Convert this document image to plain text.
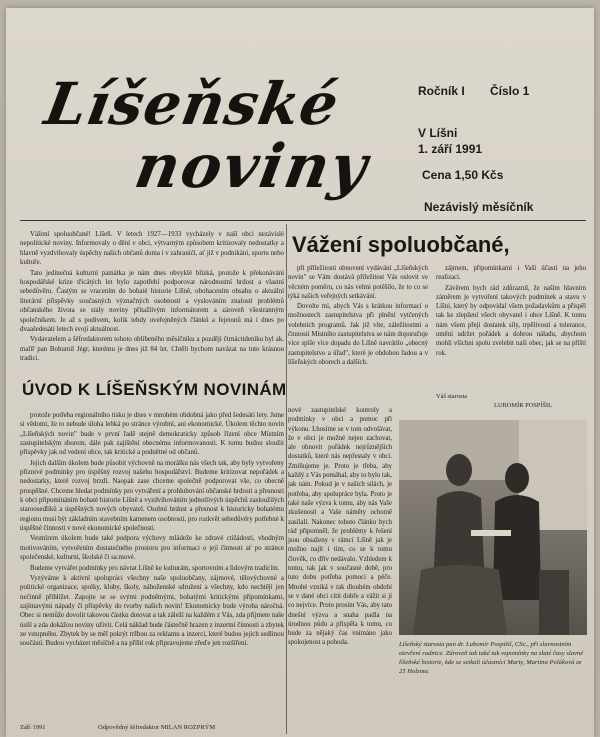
Líšeňské
noviny
Ročník I Číslo 1
V Líšni
1. září 1991
Cena 1,50 Kčs
Nezávislý měsíčník

Vážení spoluobčané! Líšeň. V letech 1927—1933 vycházely v naší obci nezávislé nepolitické noviny. Informovaly o dění v obci, výtvarným způsobem kritizovaly nedostatky a hlavně vyzdvihovaly úspěchy našich občanů doma i v zahraničí, ať již v podnikání, sportu nebo kultuře.

Tato jedinečná kulturní památka je nám dnes obvyklé blízká, protože k překonávání hospodářské krize třicátých let bylo zapotřebí podporovat národnostní hrdost a vlastní sebedůvěru. Častým se vracením do bohaté historie Líšně, obohacením obsahu o aktuální literární příspěvky současných význačných osobností a vyslováním znalostí problémů občanského života se staly noviny přitažlivým informátorem a zároveň všestranným společníkem. Je až s podivem, kolik tehdy uveřejněných článků a fejetonů má i dnes po dvaašedesáti letech svoji aktuálnost.

Vydavatelem a šéfredaktorem tohoto oblíbeného měsíčníku a později čtrnáctideníku byl ak. malíř pan Bohumil Jégr, kterému je dnes již 84 let. Chtěli bychom navázat na tuto krásnou tradici.

ÚVOD K LÍŠEŇSKÝM NOVINÁM

protože potřeba regionálního tisku je dnes v mnohém obdobná jako před šedesáti lety. Jsme si vědomi, že to nebude úloha lehká po stránce výrobní, ani ekonomické. Úkolem těchto novin „Líšeňských novin" bude v první řadě stejně demokraticky způsob řízení obce Místním zastupitelským sborem, dále pak zajištění obecnému informovanosti. K tomu budou sloužit příspěvky jak od vedení obce, tak kritické a podnětné od občanů.

Jejich dalším úkolem bude působit výchovně na morálku nás všech tak, aby byly vytvořeny příznivé podmínky pro úspěšný rozvoj našeho hospodářství. Budeme kritizovat nepořádek a nedostatky, které rozvoj brzdí. Naopak zase chceme společně podporovat vše, co obecně prospěšné. Chceme hledat podmínky pro vytváření a prohlubování občanské hrdosti a přesnosti k obci připomínáním bohaté historie Líšně a vyzdvihováním jednotlivých úspěchů zasloužilých staroosedlíků a úspěšných nových obyvatel. Osobní hrdost a přesnost k historicky bohatému regionu musí být základním stavebním kamenem osobnosti, pro rozkvět sebedůvěry potřebné k úspěšné činnosti v nové ekonomické společnosti.

Vesmírem úkolem bude také podpora výchovy mládeže ke zdravé ctižádosti, vhodným motivováním, vytvořením dostatečného prostoru pro informaci o její činnosti ať po stránce společenské, kulturní, školské či sa.mové.

Budeme vytvářet podmínky pro návrat Líšně ke kulturám, sportovním a lidovým tradicím.

Vyzýváme k aktivní spolupráci všechny naše spoluobčany, zájmové, tělovýchovné a politické organizace, spolky, kluby, školy, náboženské sdružení a všechny, kdo nechtějí jen nečinně přihlížet. Zapojte se se svými podnětnými, bohatými kritickými připomínkami, zajímavými nápady či příspěvky do tvorby našich novin! Ekonomicky bude výroba náročná. Obec si nemůže dovolit takovou částku dotovat a tak záleží na každém z Vás, zda přijmete naše úsilí a zda dokážou noviny uživit. Celá náklad bude částečně hrazen z inzertní činnosti a zbytek ze vstupného. Zbytek by se měl pokrýt tržbou za reklamu a inzerci, které budou jejich sedlinou součástí. Budou vycházet měsíčně a na příští rok připravujeme zřeďe jen rozšíření.

Září 1991	Odpovědný šéfredaktor MILAN ROZPRÝM
Vážení spoluobčané,

při příležitosti obnovení vydávání „Líšeňských novin" se Vám dostává příležitost Vás oslovit ve věcném poměru, co nás velmi potěšilo, že to co se týká našich veřejných setkávání.

Dovolte mi, abych Vás s krátkou informací o možnostech zastupitelstva při plnění vytčených volebních programů. Jak již víte, záležitostmi a činností Místního zastupitelstva se nám doporučuje více spíše více dopadu do Líšně navrátilo „obecný zastupitelstvo a úřad", které je obdobou řadou a v líšeňských oborech a dalších.

zájmem, připomínkami i Vaší účastí na jeho realizaci.

Závěrem bych rád zdůraznil, že naším hlavním záměrem je vytvoření takových podmínek a stavu v Líšni, který by odpovídal všem požadavkům a přispěl tak ke zlepšení všech obyvatel i obce Líšně. K tomu nám všem přeji dostatek síly, trpělivosti a tolerance, umění udržet pořádek a dobrou náladu, abychom mohli všichni spolu zvelebit naši obec, jak se na příští rok.

Váš starosta
LUBOMÍR POSPÍŠIL

nové zastupitelské kontroly a podmínky v obci a pomoc při výkonu. Lhosíme se v tom odvolávat, že v obci je možné nejen zachovat, ale obnovit pořádek nejrůznějších dostatků, které nás nepřestaly v obci. Zmiňujeme je. Proto je třeba, aby každý z Vás pomáhal, aby to bylo tak, jak nám. Pokud je v našich silách, je potřeba, aby spolupráce byla. Proto je také naše výzva k tomu, aby nás Vaše zkušenosti a Vaše náměty ochotně zasílali. Nakonec tohoto článku bych rád připomněl, že problémy k řešení jsou obsaženy v rámci Líšně jak je možno najít i tím, co se k tomu člověk, co dřív nedávalo. Vzhledem k tomu, tak jak v současné době, pro tuto dobu potřeba pomoci a péče. Mnohé vzniká v tak dlouhém období se v dané obci cítit dobře a vážit si jí co nejvíce. Proto prosím Vás, aby tato dnešní výzva a snaha padla na úrodnou půdu a přispěla k tomu, co bude za nějaký čas vnímáno jako spokojenost a pohoda.	Líšeňský starosta pan dr. Lubomír Pospíšil, CSc., při slavnostním otevření radnice. Zároveň tak také tak vzpomínky na zlaté časy slavné líšeňské historie, kde se setkali účastníci Marty, Martina Poláková ze 25 Holzma.
